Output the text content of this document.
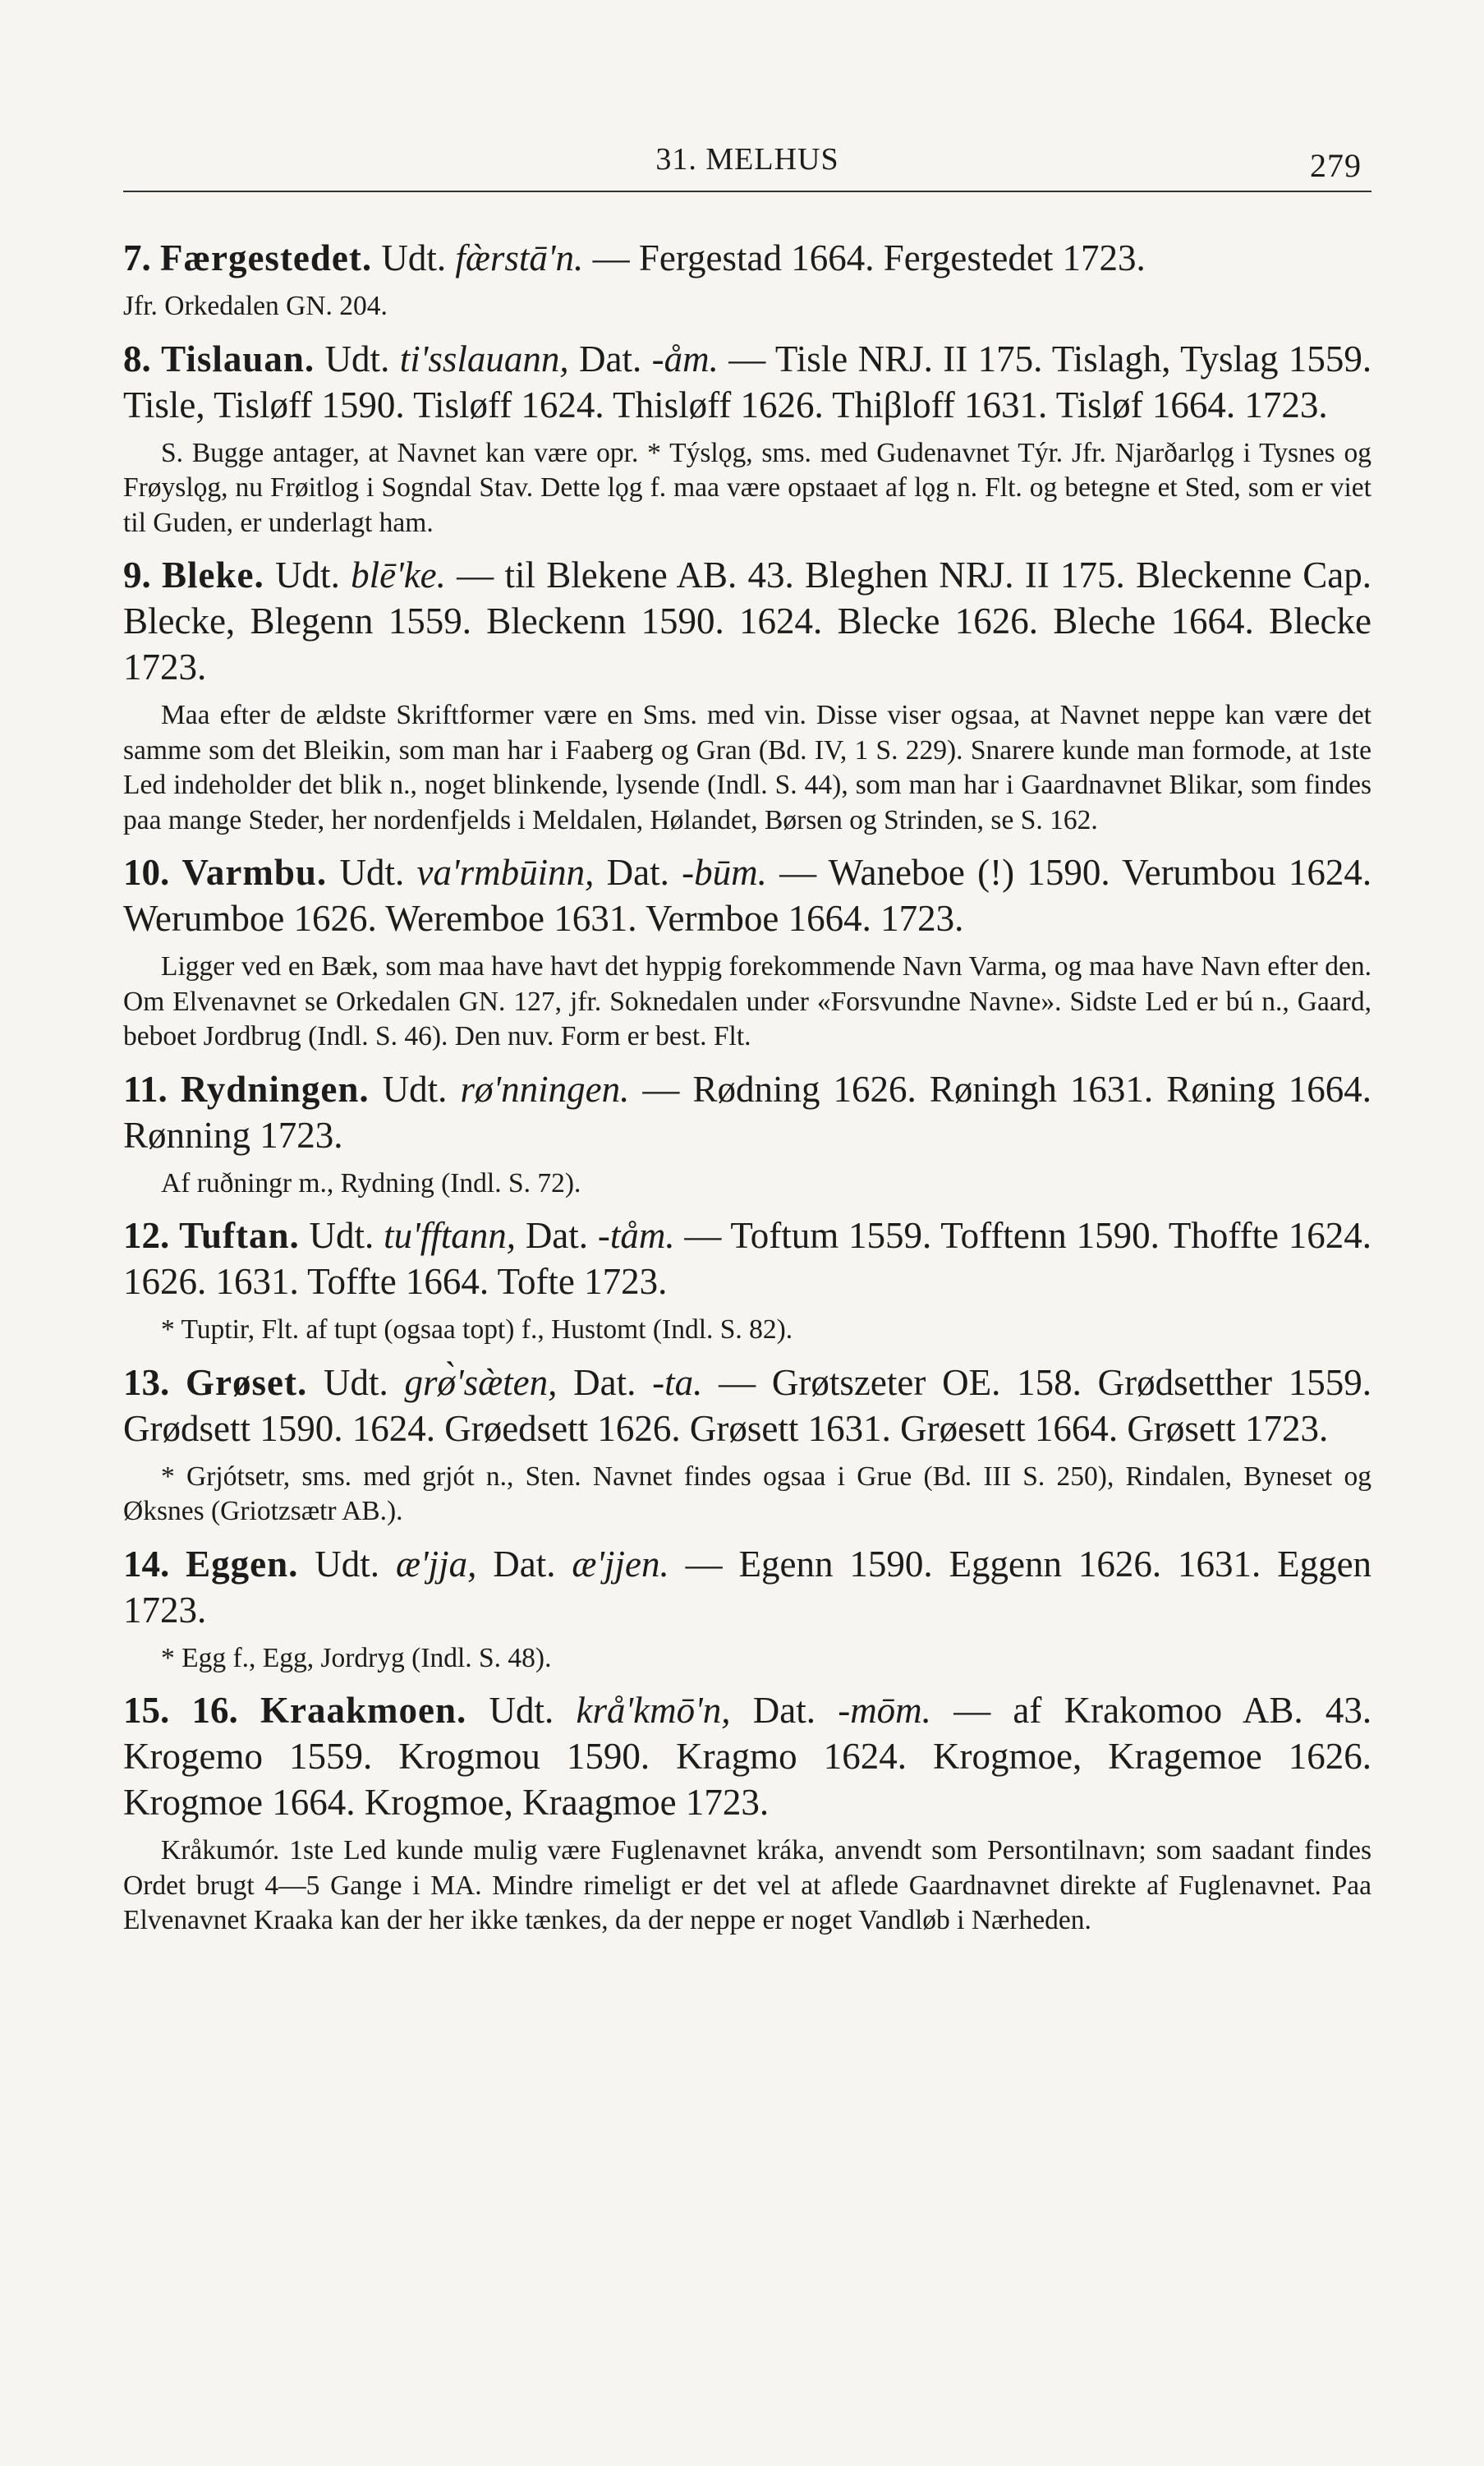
31. MELHUS	279

7. Færgestedet. Udt. fæ̀rstā'n. — Fergestad 1664. Fergestedet 1723.

Jfr. Orkedalen GN. 204.

8. Tislauan. Udt. ti'sslauann, Dat. -åm. — Tisle NRJ. II 175. Tislagh, Tyslag 1559. Tisle, Tisløff 1590. Tisløff 1624. Thisløff 1626. Thiβloff 1631. Tisløf 1664. 1723.

S. Bugge antager, at Navnet kan være opr. * Týslǫg, sms. med Gudenavnet Týr. Jfr. Njarðarlǫg i Tysnes og Frøyslǫg, nu Frøitlog i Sogndal Stav. Dette lǫg f. maa være opstaaet af lǫg n. Flt. og betegne et Sted, som er viet til Guden, er underlagt ham.

9. Bleke. Udt. blē'ke. — til Blekene AB. 43. Bleghen NRJ. II 175. Bleckenne Cap. Blecke, Blegenn 1559. Bleckenn 1590. 1624. Blecke 1626. Bleche 1664. Blecke 1723.

Maa efter de ældste Skriftformer være en Sms. med vin. Disse viser ogsaa, at Navnet neppe kan være det samme som det Bleikin, som man har i Faaberg og Gran (Bd. IV, 1 S. 229). Snarere kunde man formode, at 1ste Led indeholder det blik n., noget blinkende, lysende (Indl. S. 44), som man har i Gaardnavnet Blikar, som findes paa mange Steder, her nordenfjelds i Meldalen, Hølandet, Børsen og Strinden, se S. 162.

10. Varmbu. Udt. va'rmbūinn, Dat. -būm. — Waneboe (!) 1590. Verumbou 1624. Werumboe 1626. Weremboe 1631. Vermboe 1664. 1723.

Ligger ved en Bæk, som maa have havt det hyppig forekommende Navn Varma, og maa have Navn efter den. Om Elvenavnet se Orkedalen GN. 127, jfr. Soknedalen under «Forsvundne Navne». Sidste Led er bú n., Gaard, beboet Jordbrug (Indl. S. 46). Den nuv. Form er best. Flt.

11. Rydningen. Udt. rø'nningen. — Rødning 1626. Røningh 1631. Røning 1664. Rønning 1723.

Af ruðningr m., Rydning (Indl. S. 72).

12. Tuftan. Udt. tu'fftann, Dat. -tåm. — Toftum 1559. Tofftenn 1590. Thoffte 1624. 1626. 1631. Toffte 1664. Tofte 1723.

* Tuptir, Flt. af tupt (ogsaa topt) f., Hustomt (Indl. S. 82).

13. Grøset. Udt. grø̀'sæ̀ten, Dat. -ta. — Grøtszeter OE. 158. Grødsetther 1559. Grødsett 1590. 1624. Grøedsett 1626. Grøsett 1631. Grøesett 1664. Grøsett 1723.

* Grjótsetr, sms. med grjót n., Sten. Navnet findes ogsaa i Grue (Bd. III S. 250), Rindalen, Byneset og Øksnes (Griotzsætr AB.).

14. Eggen. Udt. æ'jja, Dat. æ'jjen. — Egenn 1590. Eggenn 1626. 1631. Eggen 1723.

* Egg f., Egg, Jordryg (Indl. S. 48).

15. 16. Kraakmoen. Udt. krå'kmō'n, Dat. -mōm. — af Krakomoo AB. 43. Krogemo 1559. Krogmou 1590. Kragmo 1624. Krogmoe, Kragemoe 1626. Krogmoe 1664. Krogmoe, Kraagmoe 1723.

Kråkumór. 1ste Led kunde mulig være Fuglenavnet kráka, anvendt som Persontilnavn; som saadant findes Ordet brugt 4—5 Gange i MA. Mindre rimeligt er det vel at aflede Gaardnavnet direkte af Fuglenavnet. Paa Elvenavnet Kraaka kan der her ikke tænkes, da der neppe er noget Vandløb i Nærheden.
